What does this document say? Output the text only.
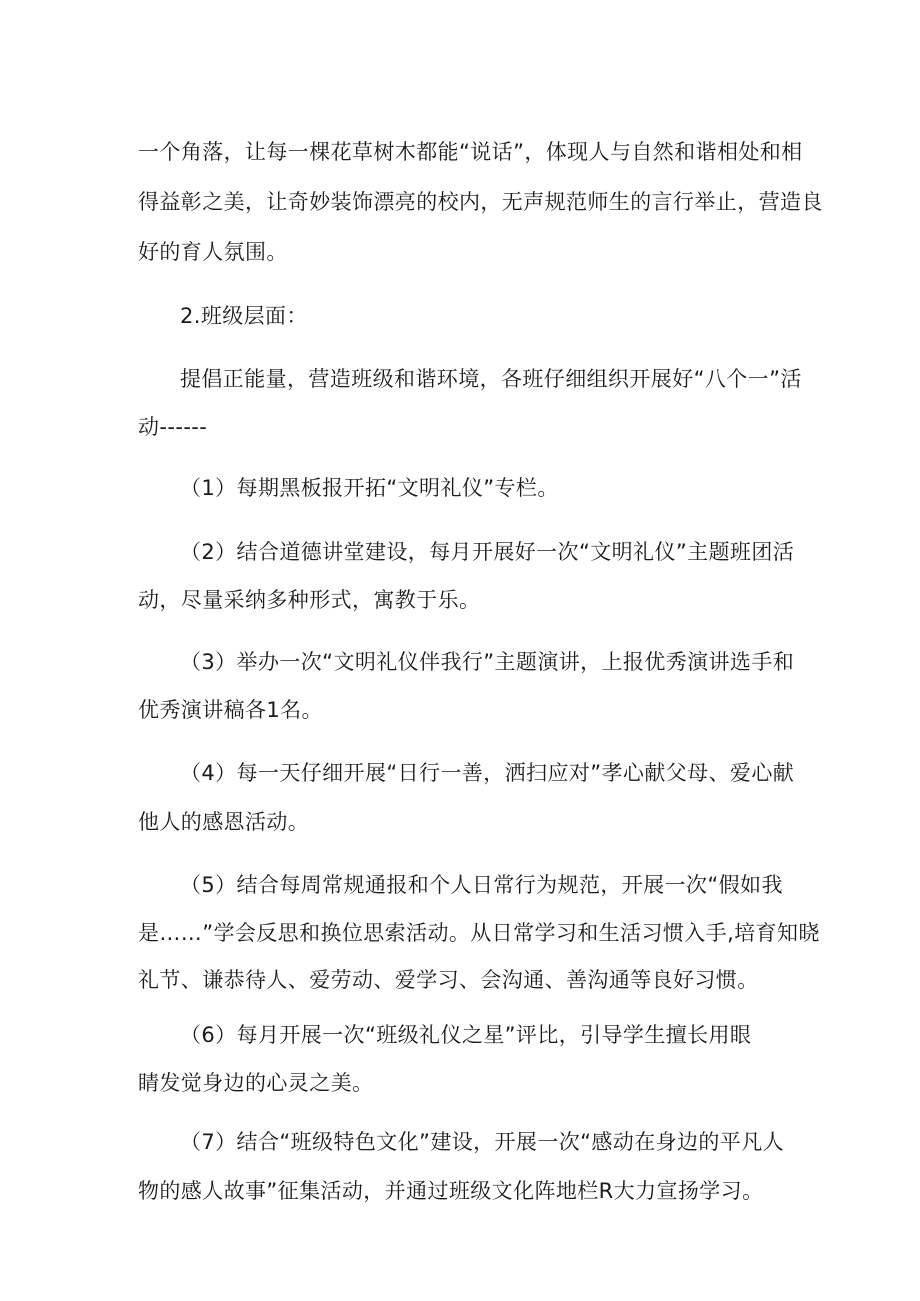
一个角落，让每一棵花草树木都能“说话”，体现人与自然和谐相处和相
得益彰之美，让奇妙装饰漂亮的校内，无声规范师生的言行举止，营造良
好的育人氛围。
2.班级层面：
提倡正能量，营造班级和谐环境，各班仔细组织开展好“八个一”活
动------
（1）每期黑板报开拓“文明礼仪”专栏。
（2）结合道德讲堂建设，每月开展好一次“文明礼仪”主题班团活
动，尽量采纳多种形式，寓教于乐。
（3）举办一次“文明礼仪伴我行”主题演讲，上报优秀演讲选手和
优秀演讲稿各1名。
（4）每一天仔细开展“日行一善，洒扫应对”孝心献父母、爱心献
他人的感恩活动。
（5）结合每周常规通报和个人日常行为规范，开展一次“假如我
是……”学会反思和换位思索活动。从日常学习和生活习惯入手,培育知晓
礼节、谦恭待人、爱劳动、爱学习、会沟通、善沟通等良好习惯。
（6）每月开展一次“班级礼仪之星”评比，引导学生擅长用眼
睛发觉身边的心灵之美。
（7）结合“班级特色文化”建设，开展一次“感动在身边的平凡人
物的感人故事”征集活动，并通过班级文化阵地栏R大力宣扬学习。
